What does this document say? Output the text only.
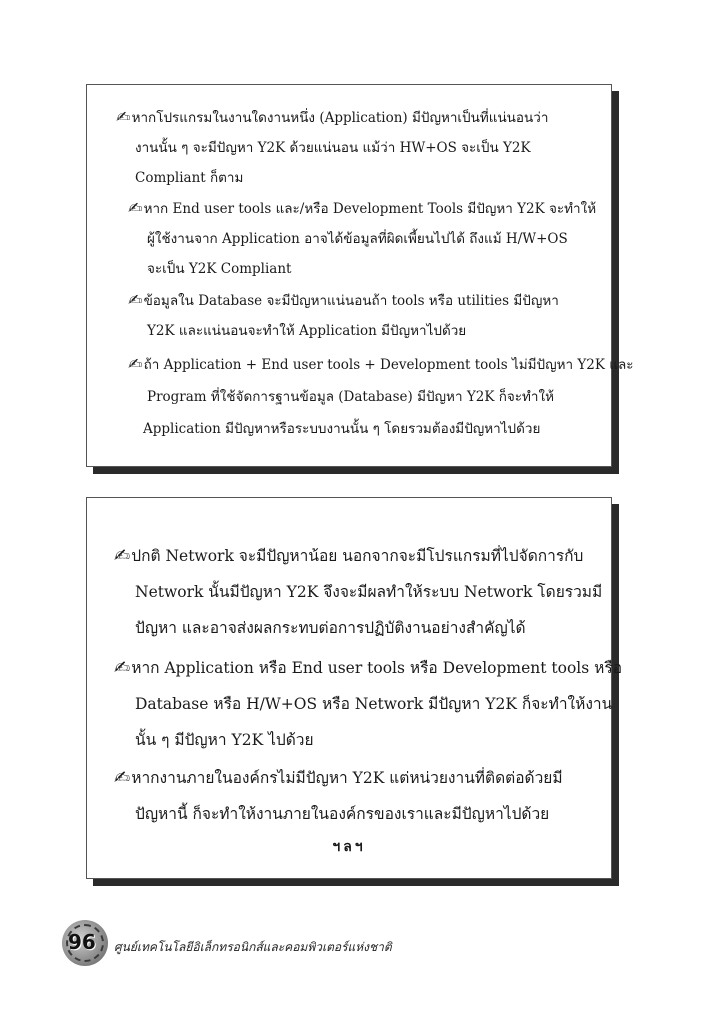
✍หากโปรแกรมในงานใดงานหนึ่ง (Application) มีปัญหาเป็นที่แน่นอนว่า
งานนั้น ๆ จะมีปัญหา Y2K ด้วยแน่นอน แม้ว่า HW+OS จะเป็น Y2K
Compliant ก็ตาม
✍หาก End user tools และ/หรือ Development Tools มีปัญหา Y2K จะทำให้
ผู้ใช้งานจาก Application อาจได้ข้อมูลที่ผิดเพี้ยนไปได้ ถึงแม้ H/W+OS
จะเป็น Y2K Compliant
✍ข้อมูลใน Database จะมีปัญหาแน่นอนถ้า tools หรือ utilities มีปัญหา
Y2K และแน่นอนจะทำให้ Application มีปัญหาไปด้วย
✍ถ้า Application + End user tools + Development tools ไม่มีปัญหา Y2K และ
Program ที่ใช้จัดการฐานข้อมูล (Database) มีปัญหา Y2K ก็จะทำให้
Application มีปัญหาหรือระบบงานนั้น ๆ โดยรวมต้องมีปัญหาไปด้วย
✍ปกติ Network จะมีปัญหาน้อย นอกจากจะมีโปรแกรมที่ไปจัดการกับ
Network นั้นมีปัญหา Y2K จึงจะมีผลทำให้ระบบ Network โดยรวมมี
ปัญหา และอาจส่งผลกระทบต่อการปฏิบัติงานอย่างสำคัญได้
✍หาก Application หรือ End user tools หรือ Development tools หรือ
Database หรือ H/W+OS หรือ Network มีปัญหา Y2K ก็จะทำให้งาน
นั้น ๆ มีปัญหา Y2K ไปด้วย
✍หากงานภายในองค์กรไม่มีปัญหา Y2K แต่หน่วยงานที่ติดต่อด้วยมี
ปัญหานี้ ก็จะทำให้งานภายในองค์กรของเราและมีปัญหาไปด้วย
ฯลฯ
96 ศูนย์เทคโนโลยีอิเล็กทรอนิกส์และคอมพิวเตอร์แห่งชาติ
